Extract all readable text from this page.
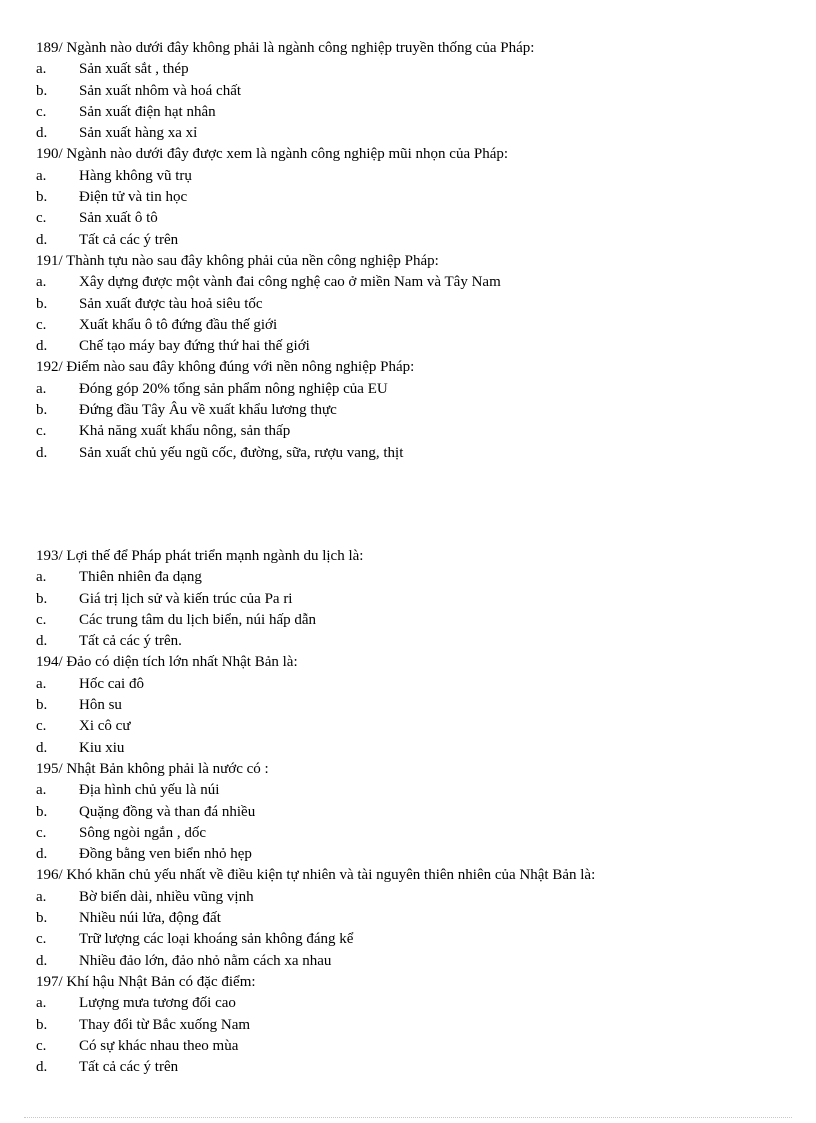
189/ Ngành nào dưới đây không phải là ngành công nghiệp truyền thống của Pháp:
a.	Sản xuất sắt , thép
b.	Sản xuất nhôm và hoá chất
c.	Sản xuất điện hạt nhân
d.	Sản xuất hàng xa xỉ
190/ Ngành nào dưới đây được xem là ngành công nghiệp mũi nhọn của Pháp:
a.	Hàng không vũ trụ
b.	Điện tử và tin học
c.	Sản xuất ô tô
d.	Tất cả các ý trên
191/ Thành tựu nào sau đây không phải của nền công nghiệp Pháp:
a.	Xây dựng được một vành đai công nghệ cao ở miền Nam và Tây Nam
b.	Sản xuất được tàu hoả siêu tốc
c.	Xuất khẩu ô tô đứng đầu thế giới
d.	Chế tạo máy bay đứng thứ hai thế giới
192/ Điểm nào sau đây không đúng với nền nông nghiệp Pháp:
a.	Đóng góp 20% tổng sản phẩm nông nghiệp của EU
b.	Đứng đầu Tây Âu về xuất khẩu lương thực
c.	Khả năng xuất khẩu nông, sản thấp
d.	Sản xuất chủ yếu ngũ cốc, đường, sữa, rượu vang, thịt
193/ Lợi thế để Pháp phát triển mạnh ngành du lịch là:
a.	Thiên nhiên đa dạng
b.	Giá trị lịch sử và kiến trúc của Pa ri
c.	Các trung tâm du lịch biển, núi hấp dẫn
d.	Tất cả các ý trên.
194/ Đảo có diện tích lớn nhất Nhật Bản là:
a.	Hốc cai đô
b.	Hôn su
c.	Xi cô cư
d.	Kiu xiu
195/ Nhật Bản không phải là nước có :
a.	Địa hình chủ yếu là núi
b.	Quặng đồng và than đá nhiều
c.	Sông ngòi ngắn , dốc
d.	Đồng bằng ven biển nhỏ hẹp
196/ Khó khăn chủ yếu nhất về điều kiện tự nhiên và tài nguyên thiên nhiên của Nhật Bản là:
a.	Bờ biển dài, nhiều vũng vịnh
b.	Nhiều núi lửa, động đất
c.	Trữ lượng các loại khoáng sản không đáng kể
d.	Nhiều đảo lớn, đảo nhỏ nằm cách xa nhau
197/ Khí hậu Nhật Bản có đặc điểm:
a.	Lượng mưa tương đối cao
b.	Thay đổi từ Bắc xuống Nam
c.	Có sự khác nhau theo mùa
d.	Tất cả các ý trên
